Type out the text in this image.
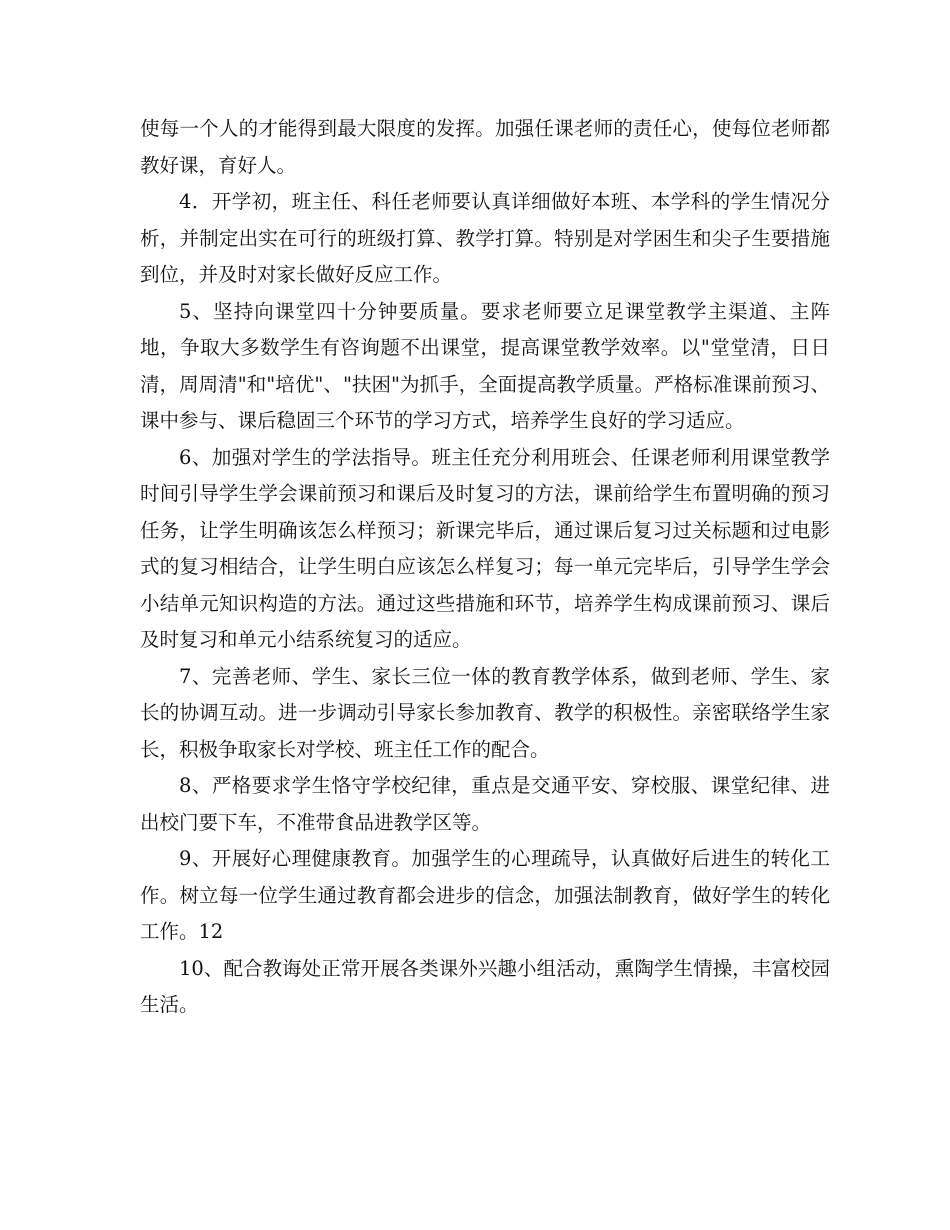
使每一个人的才能得到最大限度的发挥。加强任课老师的责任心，使每位老师都教好课，育好人。

4．开学初，班主任、科任老师要认真详细做好本班、本学科的学生情况分析，并制定出实在可行的班级打算、教学打算。特别是对学困生和尖子生要措施到位，并及时对家长做好反应工作。

5、坚持向课堂四十分钟要质量。要求老师要立足课堂教学主渠道、主阵地，争取大多数学生有咨询题不出课堂，提高课堂教学效率。以"堂堂清，日日清，周周清"和"培优"、"扶困"为抓手，全面提高教学质量。严格标准课前预习、课中参与、课后稳固三个环节的学习方式，培养学生良好的学习适应。

6、加强对学生的学法指导。班主任充分利用班会、任课老师利用课堂教学时间引导学生学会课前预习和课后及时复习的方法，课前给学生布置明确的预习任务，让学生明确该怎么样预习；新课完毕后，通过课后复习过关标题和过电影式的复习相结合，让学生明白应该怎么样复习；每一单元完毕后，引导学生学会小结单元知识构造的方法。通过这些措施和环节，培养学生构成课前预习、课后及时复习和单元小结系统复习的适应。

7、完善老师、学生、家长三位一体的教育教学体系，做到老师、学生、家长的协调互动。进一步调动引导家长参加教育、教学的积极性。亲密联络学生家长，积极争取家长对学校、班主任工作的配合。

8、严格要求学生恪守学校纪律，重点是交通平安、穿校服、课堂纪律、进出校门要下车，不准带食品进教学区等。

9、开展好心理健康教育。加强学生的心理疏导，认真做好后进生的转化工作。树立每一位学生通过教育都会进步的信念，加强法制教育，做好学生的转化工作。12

10、配合教诲处正常开展各类课外兴趣小组活动，熏陶学生情操，丰富校园生活。
